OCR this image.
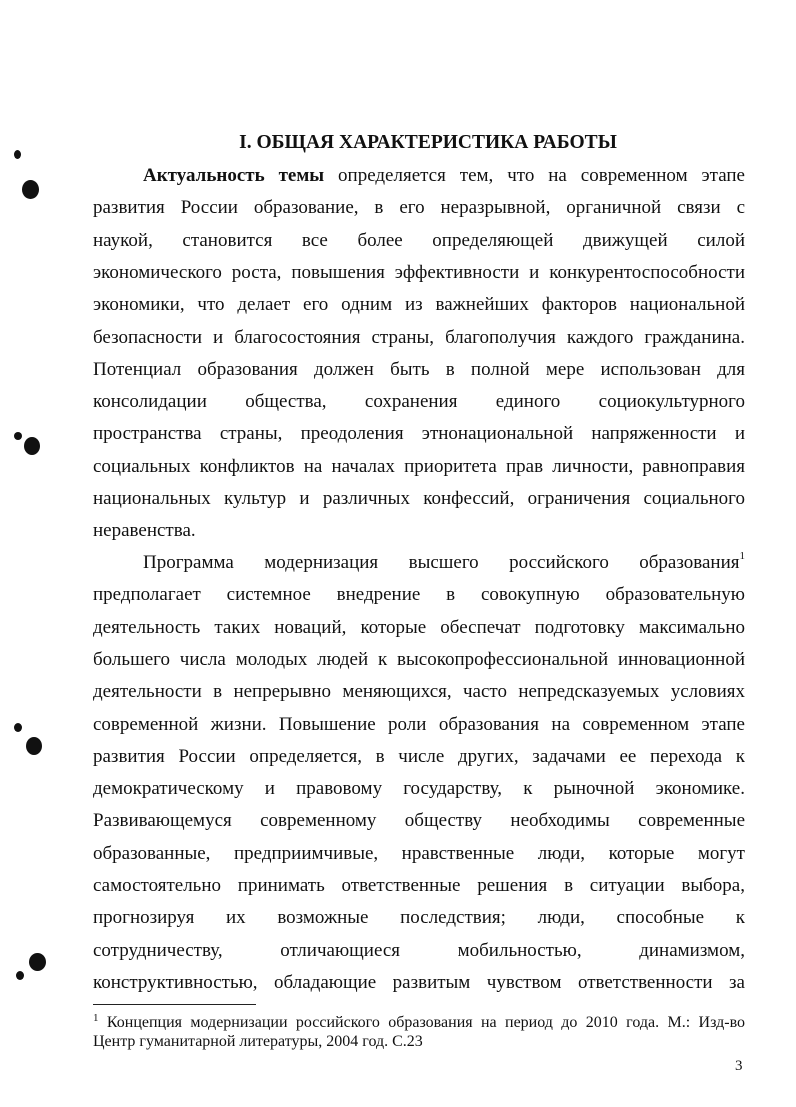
I. ОБЩАЯ ХАРАКТЕРИСТИКА РАБОТЫ
Актуальность темы определяется тем, что на современном этапе
развития России образование, в его неразрывной, органичной связи с
наукой, становится все более определяющей движущей силой
экономического роста, повышения эффективности и конкурентоспособности
экономики, что делает его одним из важнейших факторов национальной
безопасности и благосостояния страны, благополучия каждого гражданина.
Потенциал образования должен быть в полной мере использован для
консолидации общества, сохранения единого социокультурного
пространства страны, преодоления этнонациональной напряженности и
социальных конфликтов на началах приоритета прав личности, равноправия
национальных культур и различных конфессий, ограничения социального
неравенства.
Программа модернизация высшего российского образования$^1$
предполагает системное внедрение в совокупную образовательную
деятельность таких новаций, которые обеспечат подготовку максимально
большего числа молодых людей к высокопрофессиональной инновационной
деятельности в непрерывно меняющихся, часто непредсказуемых условиях
современной жизни. Повышение роли образования на современном этапе
развития России определяется, в числе других, задачами ее перехода к
демократическому и правовому государству, к рыночной экономике.
Развивающемуся современному обществу необходимы современные
образованные, предприимчивые, нравственные люди, которые могут
самостоятельно принимать ответственные решения в ситуации выбора,
прогнозируя их возможные последствия; люди, способные к
сотрудничеству, отличающиеся мобильностью, динамизмом,
конструктивностью, обладающие развитым чувством ответственности за
$^1$ Концепция модернизации российского образования на период до 2010 года. М.: Изд-во
Центр гуманитарной литературы, 2004 год. С.23
3
